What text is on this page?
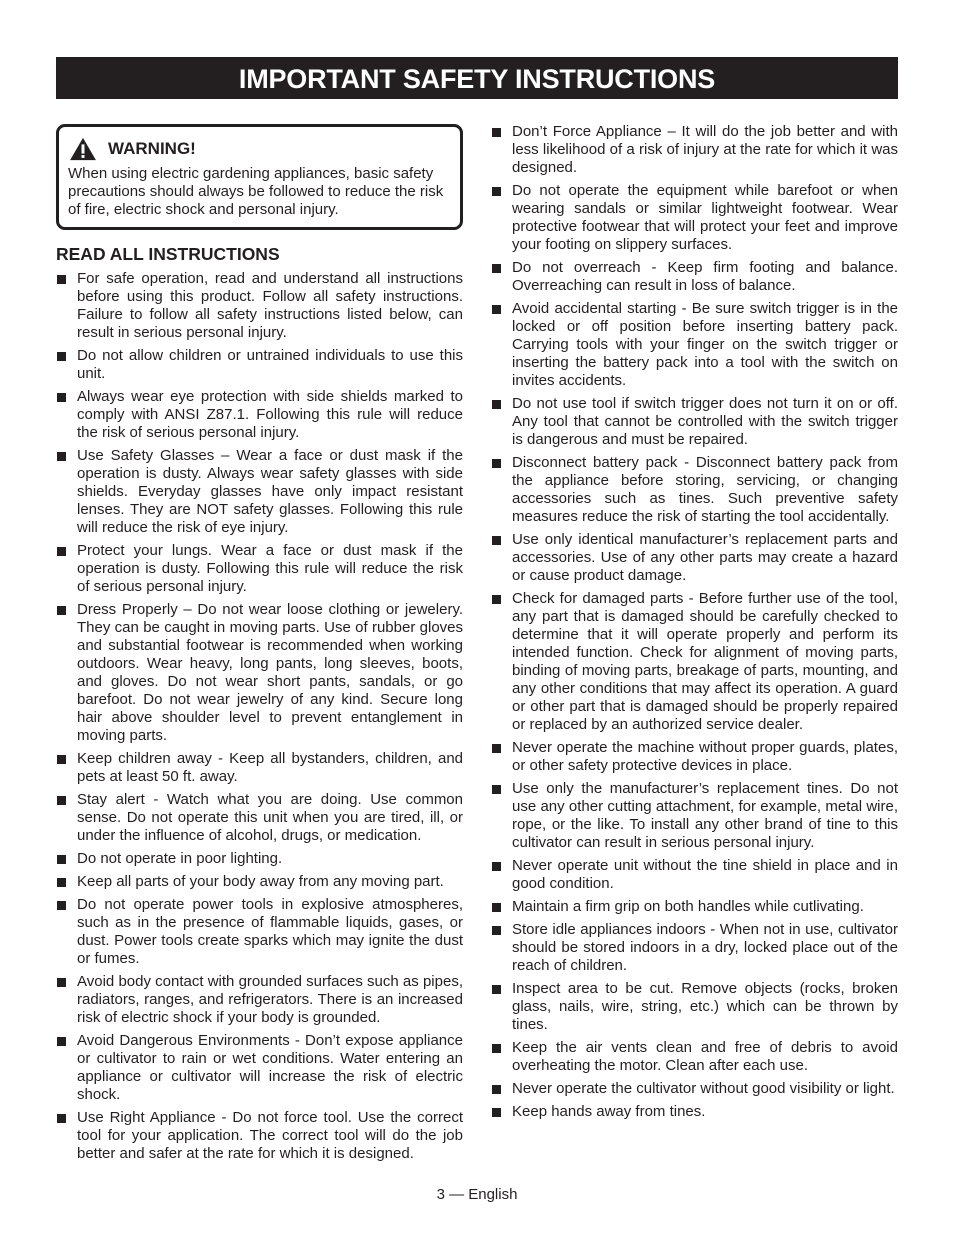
IMPORTANT SAFETY INSTRUCTIONS
WARNING!
When using electric gardening appliances, basic safety precautions should always be followed to reduce the risk of fire, electric shock and personal injury.
READ ALL INSTRUCTIONS
For safe operation, read and understand all instructions before using this product. Follow all safety instructions. Failure to follow all safety instructions listed below, can result in serious personal injury.
Do not allow children or untrained individuals to use this unit.
Always wear eye protection with side shields marked to comply with ANSI Z87.1. Following this rule will reduce the risk of serious personal injury.
Use Safety Glasses – Wear a face or dust mask if the operation is dusty. Always wear safety glasses with side shields. Everyday glasses have only impact resistant lenses. They are NOT safety glasses. Following this rule will reduce the risk of eye injury.
Protect your lungs. Wear a face or dust mask if the operation is dusty. Following this rule will reduce the risk of serious personal injury.
Dress Properly – Do not wear loose clothing or jewelery. They can be caught in moving parts. Use of rubber gloves and substantial footwear is recommended when working outdoors. Wear heavy, long pants, long sleeves, boots, and gloves. Do not wear short pants, sandals, or go barefoot. Do not wear jewelry of any kind. Secure long hair above shoulder level to prevent entanglement in moving parts.
Keep children away - Keep all bystanders, children, and pets at least 50 ft. away.
Stay alert - Watch what you are doing. Use common sense. Do not operate this unit when you are tired, ill, or under the influence of alcohol, drugs, or medication.
Do not operate in poor lighting.
Keep all parts of your body away from any moving part.
Do not operate power tools in explosive atmospheres, such as in the presence of flammable liquids, gases, or dust. Power tools create sparks which may ignite the dust or fumes.
Avoid body contact with grounded surfaces such as pipes, radiators, ranges, and refrigerators. There is an increased risk of electric shock if your body is grounded.
Avoid Dangerous Environments - Don’t expose appliance or cultivator to rain or wet conditions. Water entering an appliance or cultivator will increase the risk of electric shock.
Use Right Appliance - Do not force tool. Use the correct tool for your application. The correct tool will do the job better and safer at the rate for which it is designed.
Don’t Force Appliance – It will do the job better and with less likelihood of a risk of injury at the rate for which it was designed.
Do not operate the equipment while barefoot or when wearing sandals or similar lightweight footwear. Wear protective footwear that will protect your feet and improve your footing on slippery surfaces.
Do not overreach - Keep firm footing and balance. Overreaching can result in loss of balance.
Avoid accidental starting - Be sure switch trigger is in the locked or off position before inserting battery pack. Carrying tools with your finger on the switch trigger or inserting the battery pack into a tool with the switch on invites accidents.
Do not use tool if switch trigger does not turn it on or off. Any tool that cannot be controlled with the switch trigger is dangerous and must be repaired.
Disconnect battery pack - Disconnect battery pack from the appliance before storing, servicing, or changing accessories such as tines. Such preventive safety measures reduce the risk of starting the tool accidentally.
Use only identical manufacturer’s replacement parts and accessories. Use of any other parts may create a hazard or cause product damage.
Check for damaged parts - Before further use of the tool, any part that is damaged should be carefully checked to determine that it will operate properly and perform its intended function. Check for alignment of moving parts, binding of moving parts, breakage of parts, mounting, and any other conditions that may affect its operation. A guard or other part that is damaged should be properly repaired or replaced by an authorized service dealer.
Never operate the machine without proper guards, plates, or other safety protective devices in place.
Use only the manufacturer’s replacement tines. Do not use any other cutting attachment, for example, metal wire, rope, or the like. To install any other brand of tine to this cultivator can result in serious personal injury.
Never operate unit without the tine shield in place and in good condition.
Maintain a firm grip on both handles while cutlivating.
Store idle appliances indoors - When not in use, cultivator should be stored indoors in a dry, locked place out of the reach of children.
Inspect area to be cut. Remove objects (rocks, broken glass, nails, wire, string, etc.) which can be thrown by tines.
Keep the air vents clean and free of debris to avoid overheating the motor. Clean after each use.
Never operate the cultivator without good visibility or light.
Keep hands away from tines.
3 — English
